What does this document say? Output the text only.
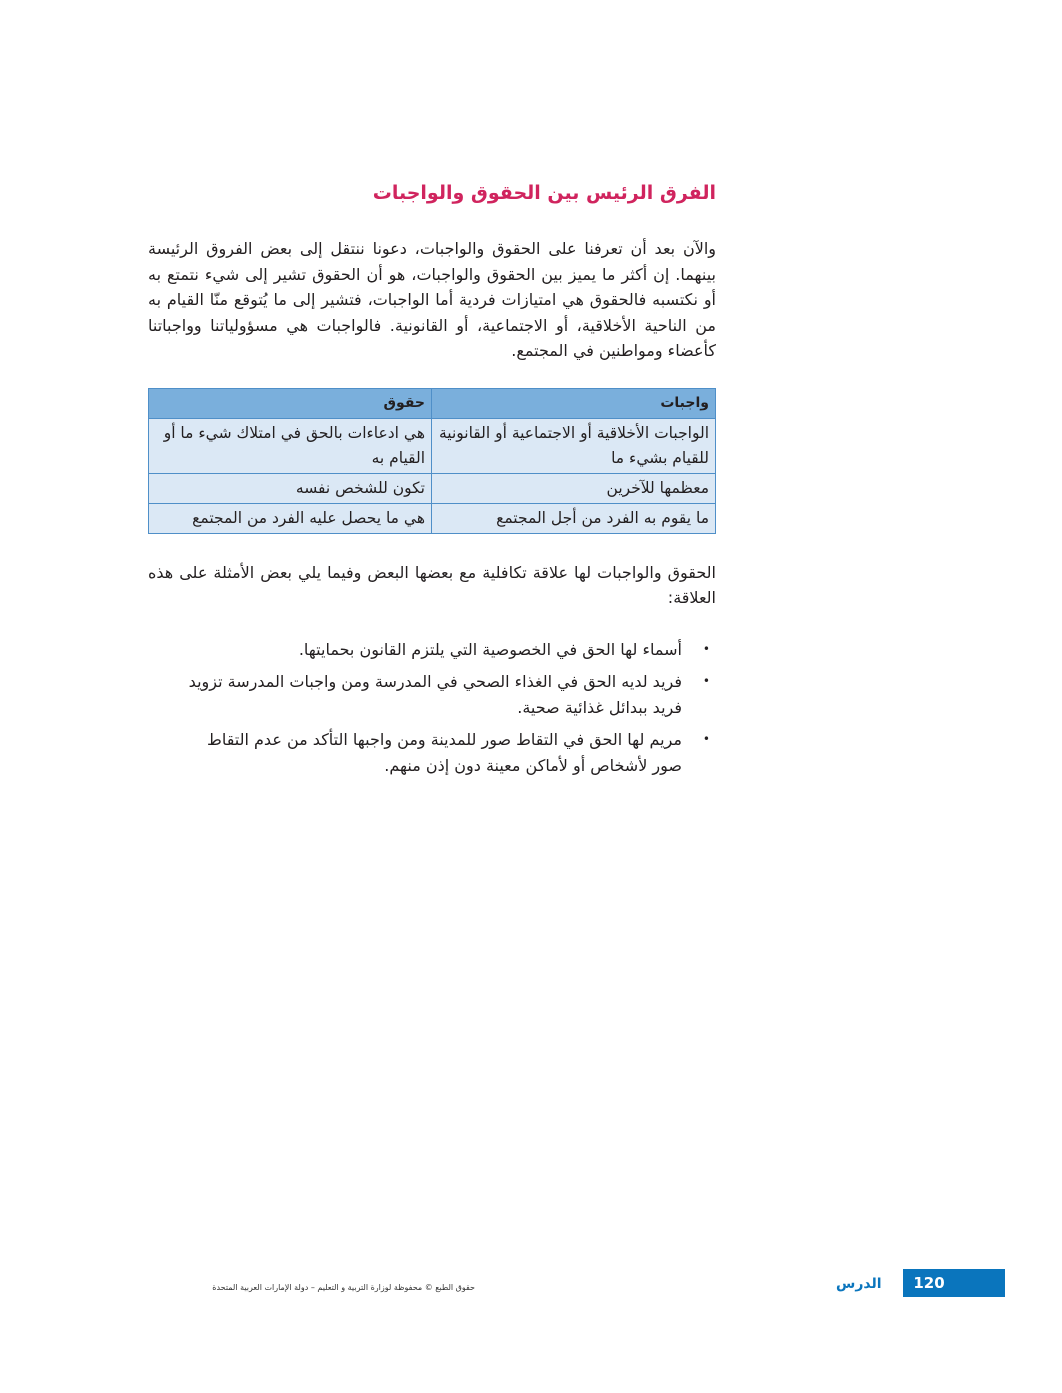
الفرق الرئيس بين الحقوق والواجبات

والآن بعد أن تعرفنا على الحقوق والواجبات، دعونا ننتقل إلى بعض الفروق الرئيسة بينهما. إن أكثر ما يميز بين الحقوق والواجبات، هو أن الحقوق تشير إلى شيء نتمتع به أو نكتسبه فالحقوق هي امتيازات فردية أما الواجبات، فتشير إلى ما يُتوقع منّا القيام به من الناحية الأخلاقية، أو الاجتماعية، أو القانونية. فالواجبات هي مسؤولياتنا وواجباتنا كأعضاء ومواطنين في المجتمع.

واجبات	حقوق
الواجبات الأخلاقية أو الاجتماعية أو القانونية للقيام بشيء ما	هي ادعاءات بالحق في امتلاك شيء ما أو القيام به
معظمها للآخرين	تكون للشخص نفسه
ما يقوم به الفرد من أجل المجتمع	هي ما يحصل عليه الفرد من المجتمع

الحقوق والواجبات لها علاقة تكافلية مع بعضها البعض وفيما يلي بعض الأمثلة على هذه العلاقة:

•
أسماء لها الحق في الخصوصية التي يلتزم القانون بحمايتها.
•
فريد لديه الحق في الغذاء الصحي في المدرسة ومن واجبات المدرسة تزويد فريد ببدائل غذائية صحية.
•
مريم لها الحق في التقاط صور للمدينة ومن واجبها التأكد من عدم التقاط صور لأشخاص أو لأماكن معينة دون إذن منهم.
120
الدرس
حقوق الطبع © محفوظة لوزارة التربية و التعليم – دولة الإمارات العربية المتحدة
